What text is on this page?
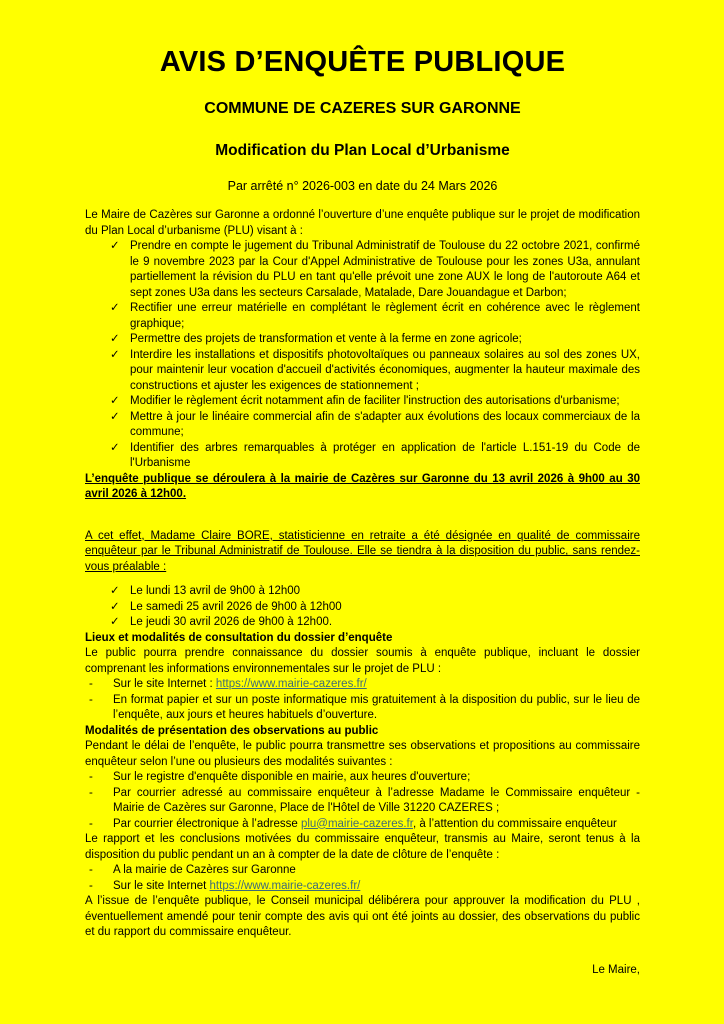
AVIS D’ENQUÊTE PUBLIQUE
COMMUNE DE CAZERES SUR GARONNE
Modification du Plan Local d’Urbanisme

Par arrêté n° 2026-003 en date du 24 Mars 2026

Le Maire de Cazères sur Garonne a ordonné l’ouverture d’une enquête publique sur le projet de modification du Plan Local d’urbanisme (PLU) visant à :

✓ Prendre en compte le jugement du Tribunal Administratif de Toulouse du 22 octobre 2021, confirmé le 9 novembre 2023 par la Cour d'Appel Administrative de Toulouse pour les zones U3a, annulant partiellement la révision du PLU en tant qu'elle prévoit une zone AUX le long de l'autoroute A64 et sept zones U3a dans les secteurs Carsalade, Matalade, Dare Jouandague et Darbon;
✓ Rectifier une erreur matérielle en complétant le règlement écrit en cohérence avec le règlement graphique;
✓ Permettre des projets de transformation et vente à la ferme en zone agricole;
✓ Interdire les installations et dispositifs photovoltaïques ou panneaux solaires au sol des zones UX, pour maintenir leur vocation d'accueil d'activités économiques, augmenter la hauteur maximale des constructions et ajuster les exigences de stationnement ;
✓ Modifier le règlement écrit notamment afin de faciliter l'instruction des autorisations d'urbanisme;
✓ Mettre à jour le linéaire commercial afin de s'adapter aux évolutions des locaux commerciaux de la commune;
✓ Identifier des arbres remarquables à protéger en application de l'article L.151-19 du Code de l'Urbanisme

L’enquête publique se déroulera à la mairie de Cazères sur Garonne du 13 avril 2026 à 9h00 au 30 avril 2026 à 12h00.

A cet effet, Madame Claire BORE, statisticienne en retraite a été désignée en qualité de commissaire enquêteur par le Tribunal Administratif de Toulouse. Elle se tiendra à la disposition du public, sans rendez-vous préalable :

✓ Le lundi 13 avril de 9h00 à 12h00
✓ Le samedi 25 avril 2026 de 9h00 à 12h00
✓ Le jeudi 30 avril 2026 de 9h00 à 12h00.

Lieux et modalités de consultation du dossier d’enquête

Le public pourra prendre connaissance du dossier soumis à enquête publique, incluant le dossier comprenant les informations environnementales sur le projet de PLU :

- Sur le site Internet : https://www.mairie-cazeres.fr/
- En format papier et sur un poste informatique mis gratuitement à la disposition du public, sur le lieu de l’enquête, aux jours et heures habituels d’ouverture.

Modalités de présentation des observations au public

Pendant le délai de l’enquête, le public pourra transmettre ses observations et propositions au commissaire enquêteur selon l’une ou plusieurs des modalités suivantes :

- Sur le registre d'enquête disponible en mairie, aux heures d'ouverture;
- Par courrier adressé au commissaire enquêteur à l’adresse Madame le Commissaire enquêteur - Mairie de Cazères sur Garonne, Place de l'Hôtel de Ville 31220 CAZERES ;
- Par courrier électronique à l’adresse plu@mairie-cazeres.fr, à l’attention du commissaire enquêteur

Le rapport et les conclusions motivées du commissaire enquêteur, transmis au Maire, seront tenus à la disposition du public pendant un an à compter de la date de clôture de l’enquête :

- A la mairie de Cazères sur Garonne
- Sur le site Internet https://www.mairie-cazeres.fr/

A l’issue de l’enquête publique, le Conseil municipal délibérera pour approuver la modification du PLU , éventuellement amendé pour tenir compte des avis qui ont été joints au dossier, des observations du public et du rapport du commissaire enquêteur.

Le Maire,
